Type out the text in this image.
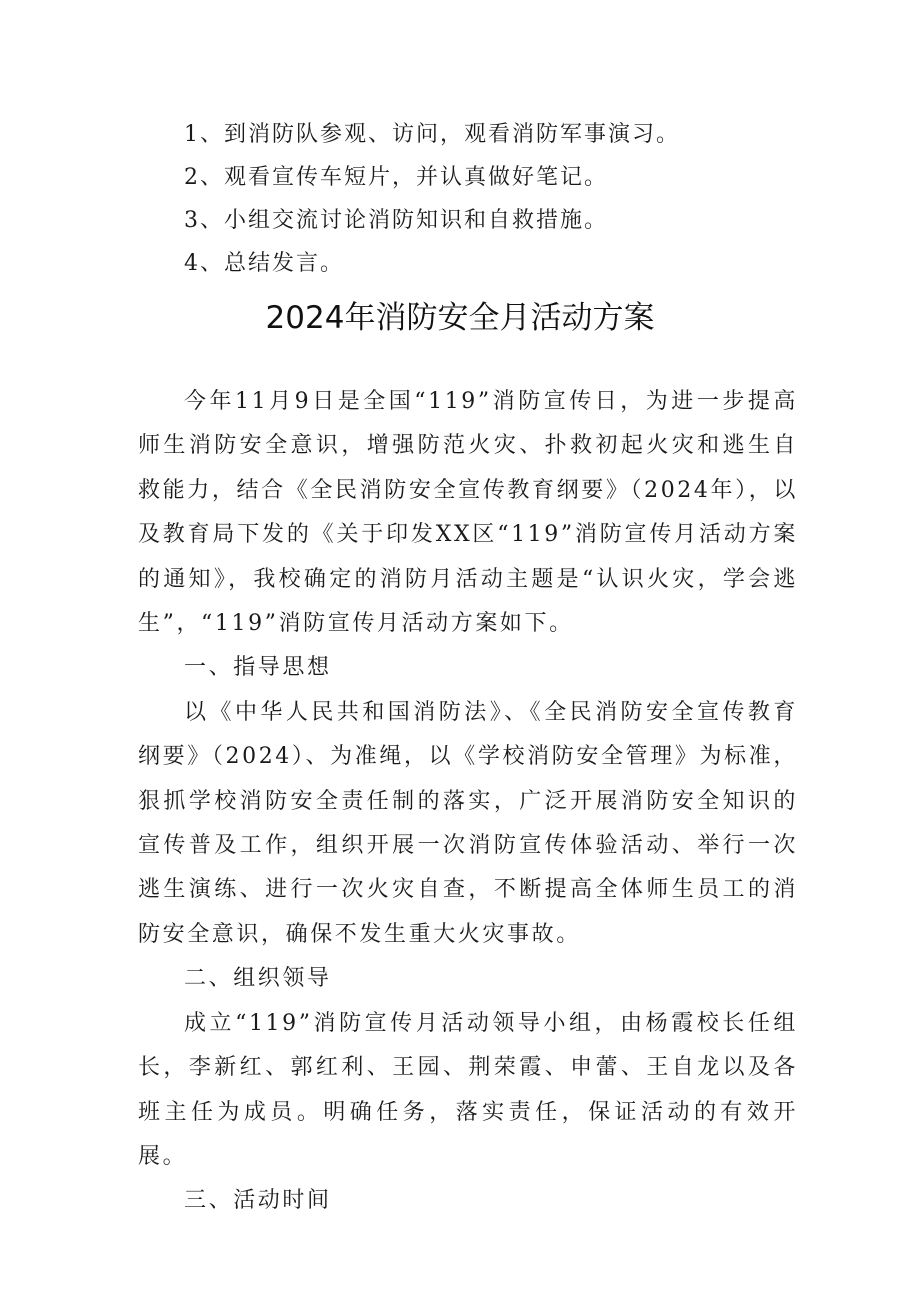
1、到消防队参观、访问，观看消防军事演习。
2、观看宣传车短片，并认真做好笔记。
3、小组交流讨论消防知识和自救措施。
4、总结发言。
2024年消防安全月活动方案

今年11月9日是全国“119”消防宣传日，为进一步提高师生消防安全意识，增强防范火灾、扑救初起火灾和逃生自救能力，结合《全民消防安全宣传教育纲要》（2024年），以及教育局下发的《关于印发XX区“119”消防宣传月活动方案的通知》，我校确定的消防月活动主题是“认识火灾，学会逃生”，“119”消防宣传月活动方案如下。

一、指导思想

以《中华人民共和国消防法》、《全民消防安全宣传教育纲要》（2024）、为准绳，以《学校消防安全管理》为标准，狠抓学校消防安全责任制的落实，广泛开展消防安全知识的宣传普及工作，组织开展一次消防宣传体验活动、举行一次逃生演练、进行一次火灾自查，不断提高全体师生员工的消防安全意识，确保不发生重大火灾事故。

二、组织领导

成立“119”消防宣传月活动领导小组，由杨霞校长任组长，李新红、郭红利、王园、荆荣霞、申蕾、王自龙以及各班主任为成员。明确任务，落实责任，保证活动的有效开展。

三、活动时间
